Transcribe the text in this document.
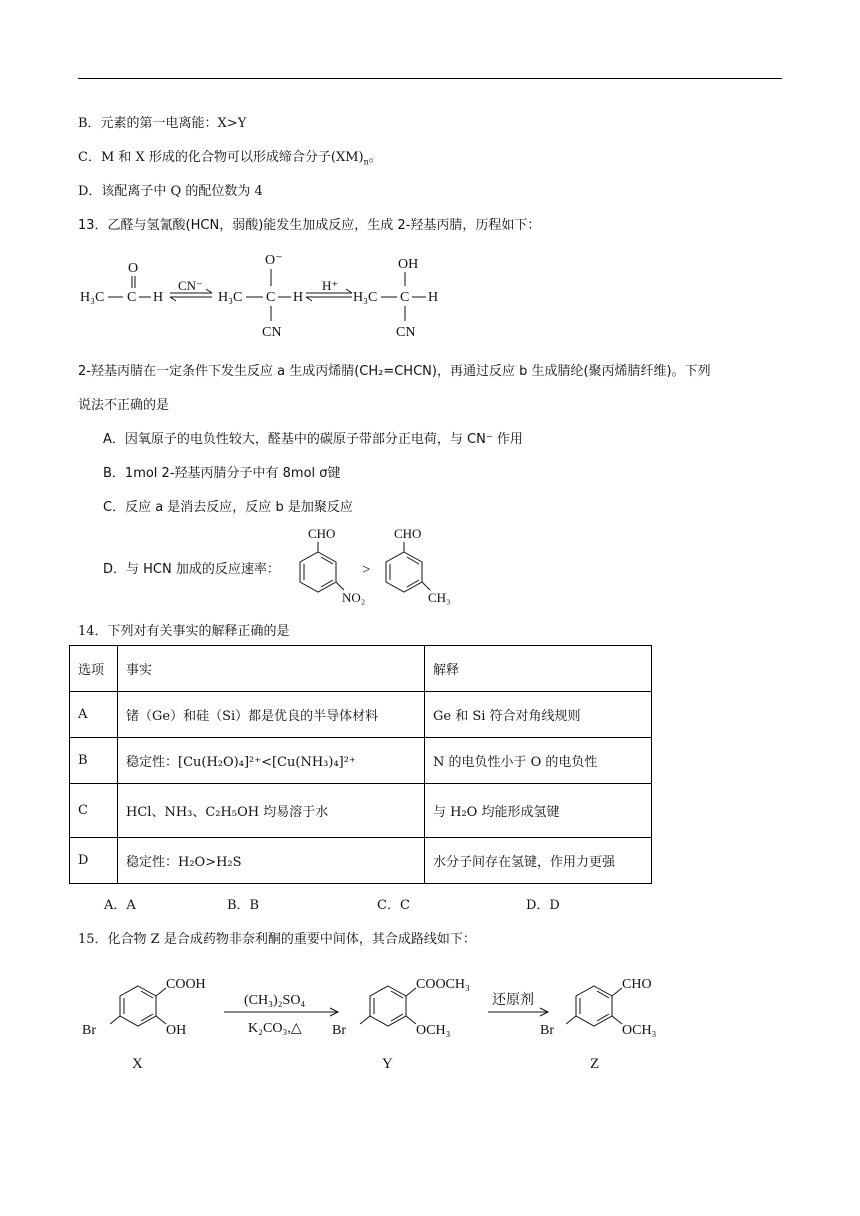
B．元素的第一电离能：X>Y
C．M 和 X 形成的化合物可以形成缔合分子$(XM)_n$。
D．该配离子中 Q 的配位数为 4
13．乙醛与氢氰酸(HCN，弱酸)能发生加成反应，生成 2-羟基丙腈，历程如下：
O
H₃C C H
CN⁻
O⁻
H₃C C H
CN
H⁺
OH
H₃C C H
CN
2-羟基丙腈在一定条件下发生反应 a 生成丙烯腈(CH₂=CHCN)，再通过反应 b 生成腈纶(聚丙烯腈纤维)。下列
说法不正确的是
A．因氧原子的电负性较大，醛基中的碳原子带部分正电荷，与 CN⁻ 作用
B．1mol 2-羟基丙腈分子中有 8mol σ键
C．反应 a 是消去反应，反应 b 是加聚反应
D．与 HCN 加成的反应速率：
CHO
NO₂
>
CHO
CH₃
14．下列对有关事实的解释正确的是
选项	事实	解释
A	锗（Ge）和硅（Si）都是优良的半导体材料	Ge 和 Si 符合对角线规则
B	稳定性：[Cu(H₂O)₄]²⁺<[Cu(NH₃)₄]²⁺	N 的电负性小于 O 的电负性
C	HCl、NH₃、C₂H₅OH 均易溶于水	与 H₂O 均能形成氢键
D	稳定性：H₂O>H₂S	水分子间存在氢键，作用力更强
A．A	B．B	C．C	D．D
15．化合物 Z 是合成药物非奈利酮的重要中间体，其合成路线如下：
COOH
OH
Br
X
(CH₃)₂SO₄
K₂CO₃,△
COOCH₃
OCH₃
Br
Y
还原剂
CHO
OCH₃
Br
Z
